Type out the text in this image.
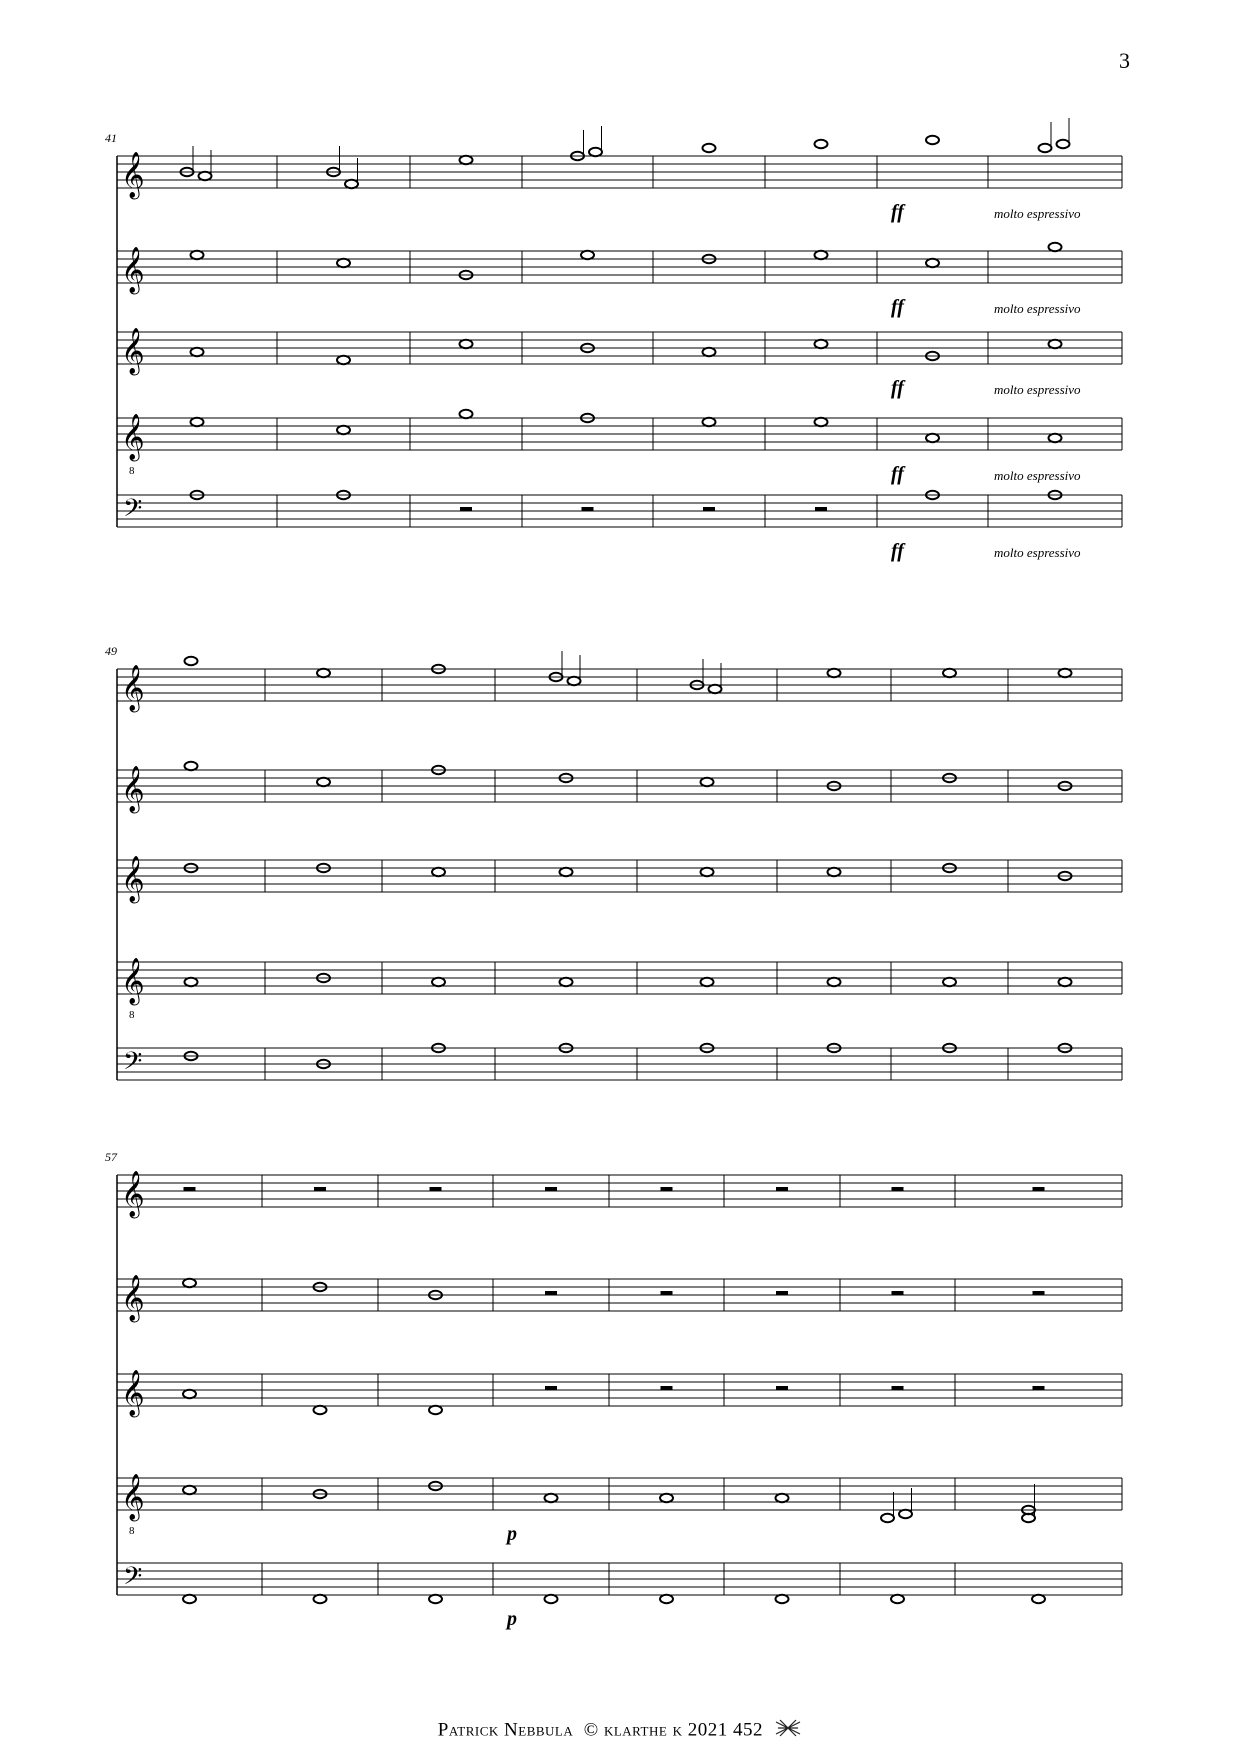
3
41
𝄞
𝄞
𝄞
𝄞
8
𝄢
ff	molto espressivo
ff	molto espressivo
ff	molto espressivo
ff	molto espressivo
ff	molto espressivo
49
𝄞
𝄞
𝄞
𝄞
8
𝄢
57
𝄞
𝄞
𝄞
𝄞
8
𝄢
p
p
Patrick Nebbula © klarthe k 2021 452
